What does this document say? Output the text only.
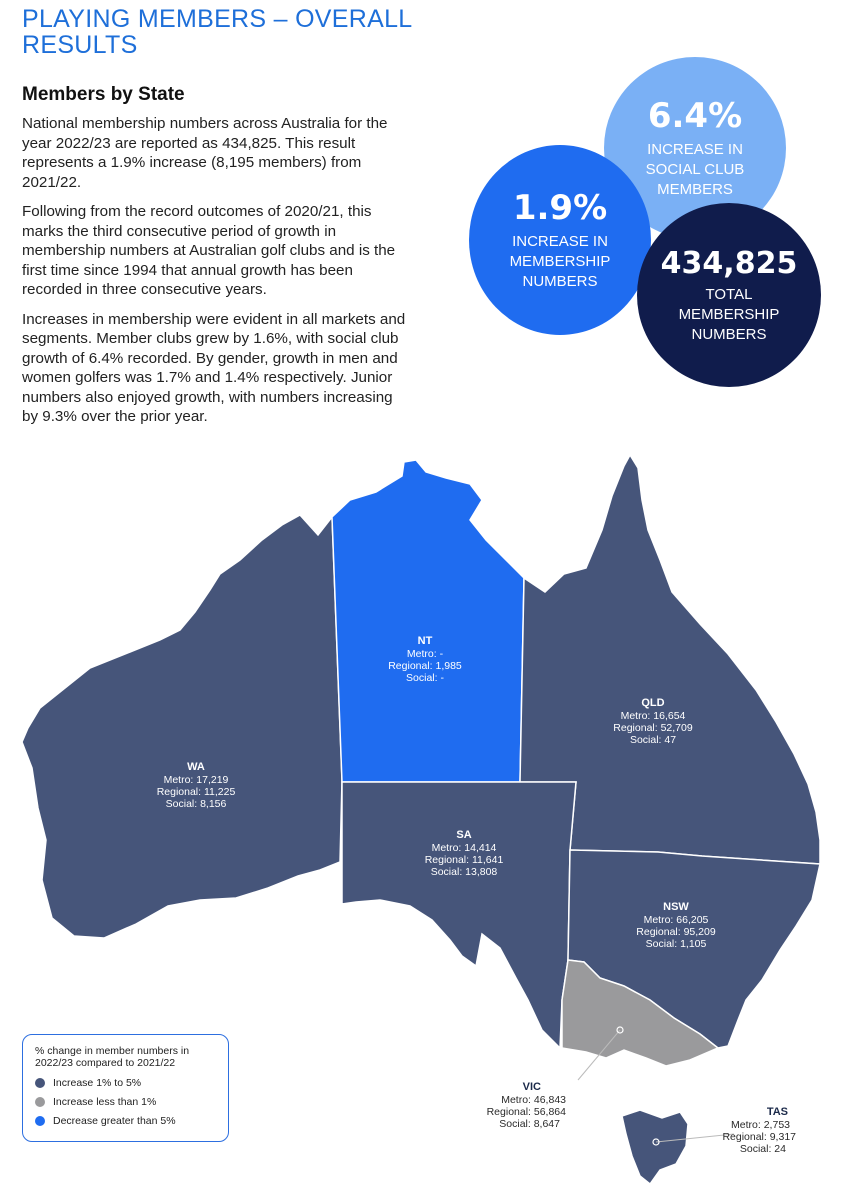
PLAYING MEMBERS – OVERALL
RESULTS
Members by State

National membership numbers across Australia for the year 2022/23 are reported as 434,825. This result represents a 1.9% increase (8,195 members) from 2021/22.

Following from the record outcomes of 2020/21, this marks the third consecutive period of growth in membership numbers at Australian golf clubs and is the first time since 1994 that annual growth has been recorded in three consecutive years.

Increases in membership were evident in all markets and segments. Member clubs grew by 1.6%, with social club growth of 6.4% recorded. By gender, growth in men and women golfers was 1.7% and 1.4% respectively. Junior numbers also enjoyed growth, with numbers increasing by 9.3% over the prior year.

6.4%
INCREASE IN
SOCIAL CLUB
MEMBERS
1.9%
INCREASE IN
MEMBERSHIP
NUMBERS
434,825
TOTAL
MEMBERSHIP
NUMBERS
NT
Metro: -
Regional: 1,985
Social: -
QLD
Metro: 16,654
Regional: 52,709
Social: 47
WA
Metro: 17,219
Regional: 11,225
Social: 8,156
SA
Metro: 14,414
Regional: 11,641
Social: 13,808
NSW
Metro: 66,205
Regional: 95,209
Social: 1,105
VIC
Metro: 46,843
Regional: 56,864
Social: 8,647
TAS
Metro: 2,753
Regional: 9,317
Social: 24
% change in member numbers in 2022/23 compared to 2021/22
Increase 1% to 5%
Increase less than 1%
Decrease greater than 5%
